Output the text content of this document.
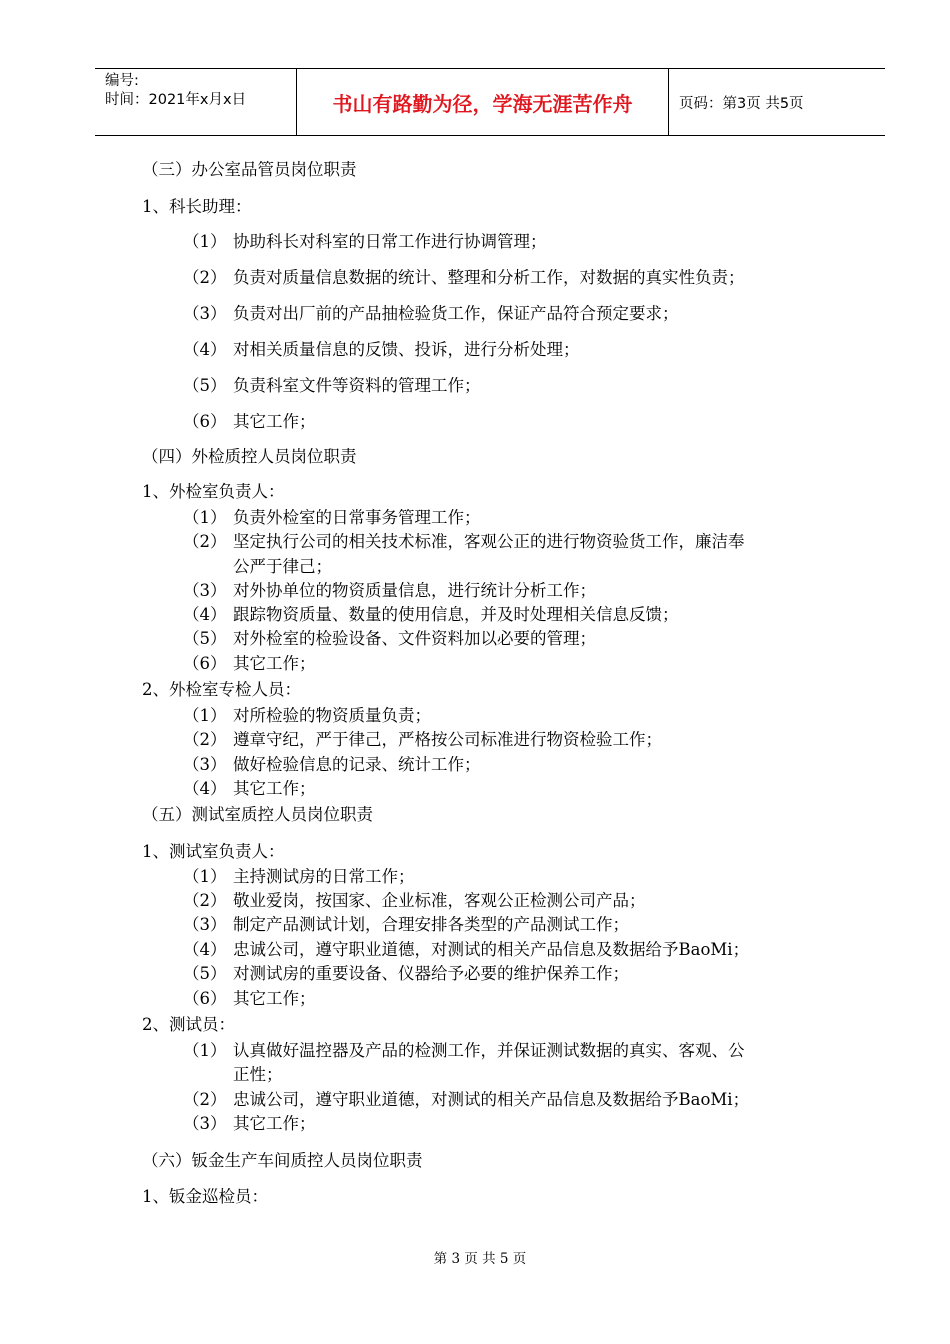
编号:
时间：2021年x月x日	书山有路勤为径，学海无涯苦作舟	页码：第3页 共5页
（三）办公室品管员岗位职责
1、科长助理：
（1） 协助科长对科室的日常工作进行协调管理；
（2） 负责对质量信息数据的统计、整理和分析工作，对数据的真实性负责；
（3） 负责对出厂前的产品抽检验货工作，保证产品符合预定要求；
（4） 对相关质量信息的反馈、投诉，进行分析处理；
（5） 负责科室文件等资料的管理工作；
（6） 其它工作；
（四）外检质控人员岗位职责
1、外检室负责人：
（1） 负责外检室的日常事务管理工作；
（2） 坚定执行公司的相关技术标准，客观公正的进行物资验货工作，廉洁奉
公严于律己；
（3） 对外协单位的物资质量信息，进行统计分析工作；
（4） 跟踪物资质量、数量的使用信息，并及时处理相关信息反馈；
（5） 对外检室的检验设备、文件资料加以必要的管理；
（6） 其它工作；
2、外检室专检人员：
（1） 对所检验的物资质量负责；
（2） 遵章守纪，严于律己，严格按公司标准进行物资检验工作；
（3） 做好检验信息的记录、统计工作；
（4） 其它工作；
（五）测试室质控人员岗位职责
1、测试室负责人：
（1） 主持测试房的日常工作；
（2） 敬业爱岗，按国家、企业标准，客观公正检测公司产品；
（3） 制定产品测试计划，合理安排各类型的产品测试工作；
（4） 忠诚公司，遵守职业道德，对测试的相关产品信息及数据给予BaoMi；
（5） 对测试房的重要设备、仪器给予必要的维护保养工作；
（6） 其它工作；
2、测试员：
（1） 认真做好温控器及产品的检测工作，并保证测试数据的真实、客观、公
正性；
（2） 忠诚公司，遵守职业道德，对测试的相关产品信息及数据给予BaoMi；
（3） 其它工作；
（六）钣金生产车间质控人员岗位职责
1、钣金巡检员：
第 3 页 共 5 页
